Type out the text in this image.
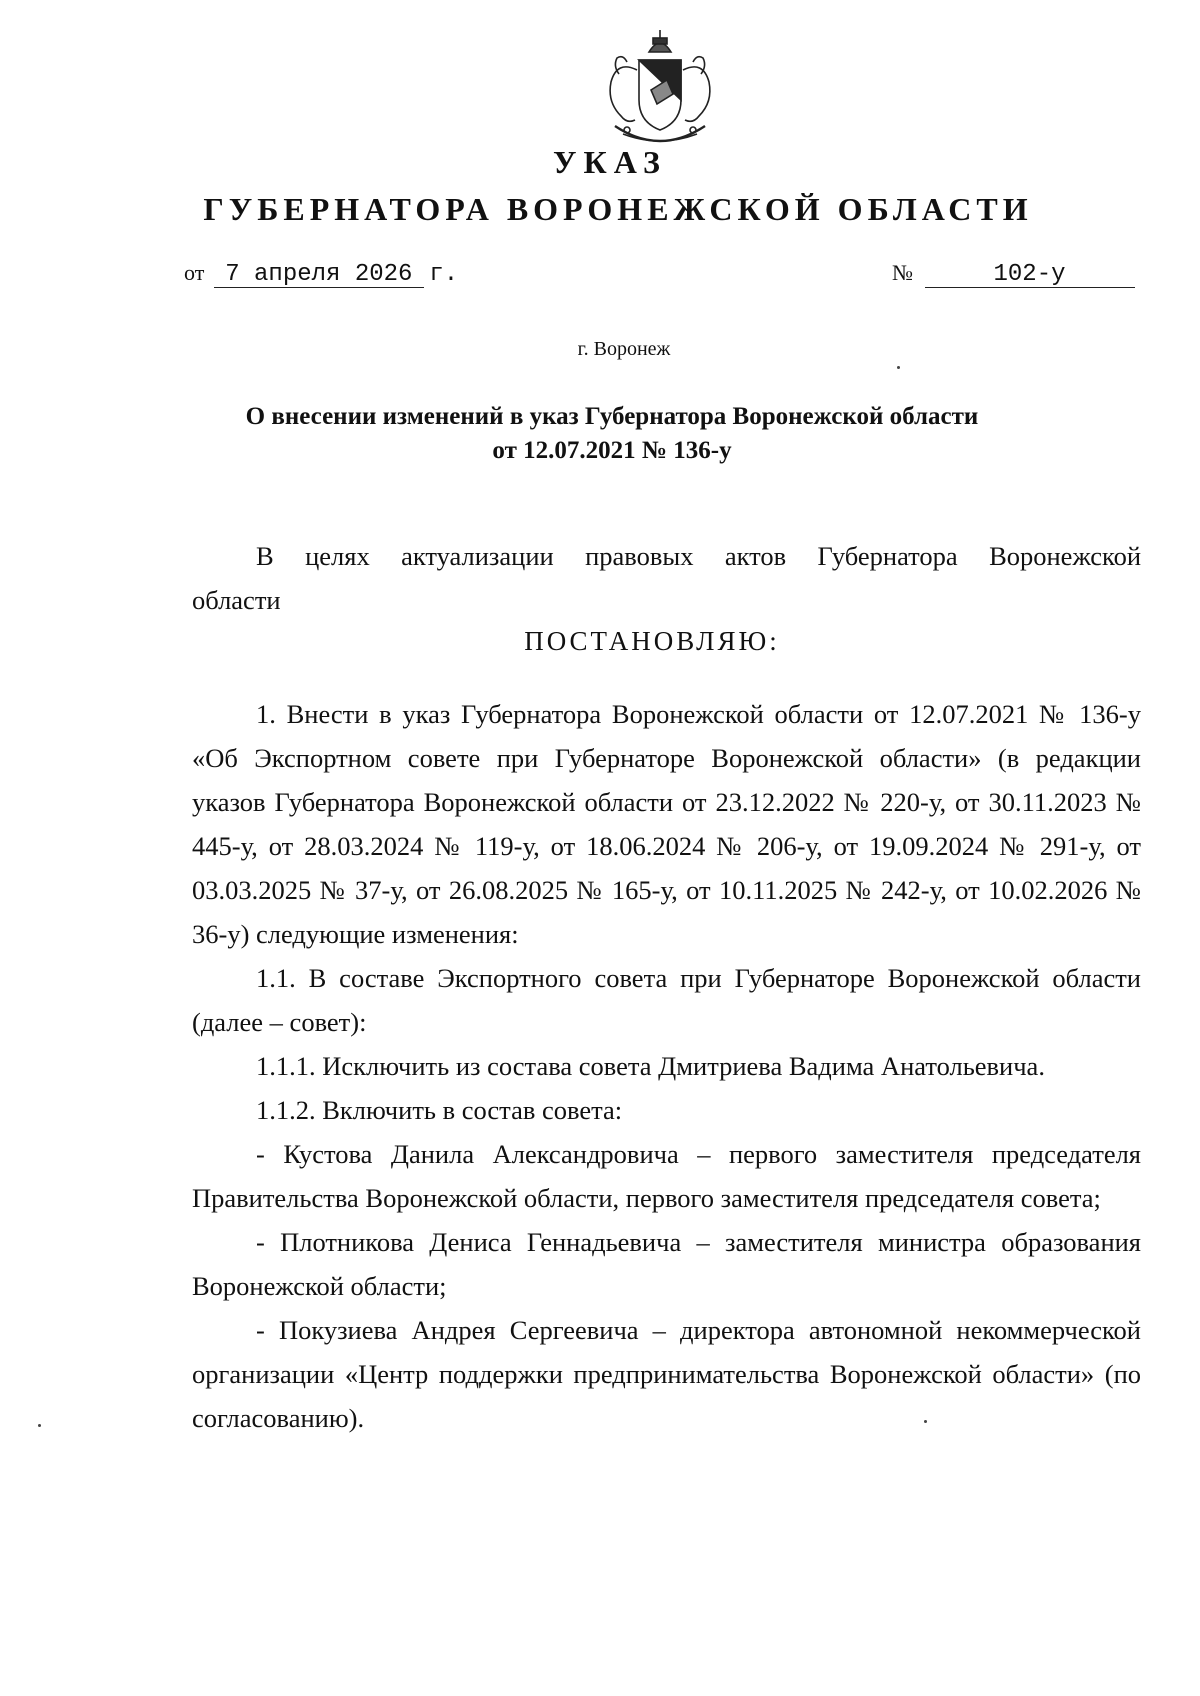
УКАЗ
ГУБЕРНАТОРА ВОРОНЕЖСКОЙ ОБЛАСТИ
от 7 апреля 2026 г.	№	102-у
г. Воронеж
О внесении изменений в указ Губернатора Воронежской области
от 12.07.2021 № 136-у
В целях актуализации правовых актов Губернатора Воронежской
области
ПОСТАНОВЛЯЮ:

1. Внести в указ Губернатора Воронежской области от 12.07.2021 № 136-у «Об Экспортном совете при Губернаторе Воронежской области» (в редакции указов Губернатора Воронежской области от 23.12.2022 № 220-у, от 30.11.2023 № 445-у, от 28.03.2024 № 119-у, от 18.06.2024 № 206-у, от 19.09.2024 № 291-у, от 03.03.2025 № 37-у, от 26.08.2025 № 165-у, от 10.11.2025 № 242-у, от 10.02.2026 № 36-у) следующие изменения:

1.1. В составе Экспортного совета при Губернаторе Воронежской области (далее – совет):

1.1.1. Исключить из состава совета Дмитриева Вадима Анатольевича.

1.1.2. Включить в состав совета:

- Кустова Данила Александровича – первого заместителя председателя Правительства Воронежской области, первого заместителя председателя совета;

- Плотникова Дениса Геннадьевича – заместителя министра образования Воронежской области;

- Покузиева Андрея Сергеевича – директора автономной некоммерческой организации «Центр поддержки предпринимательства Воронежской области» (по согласованию).
